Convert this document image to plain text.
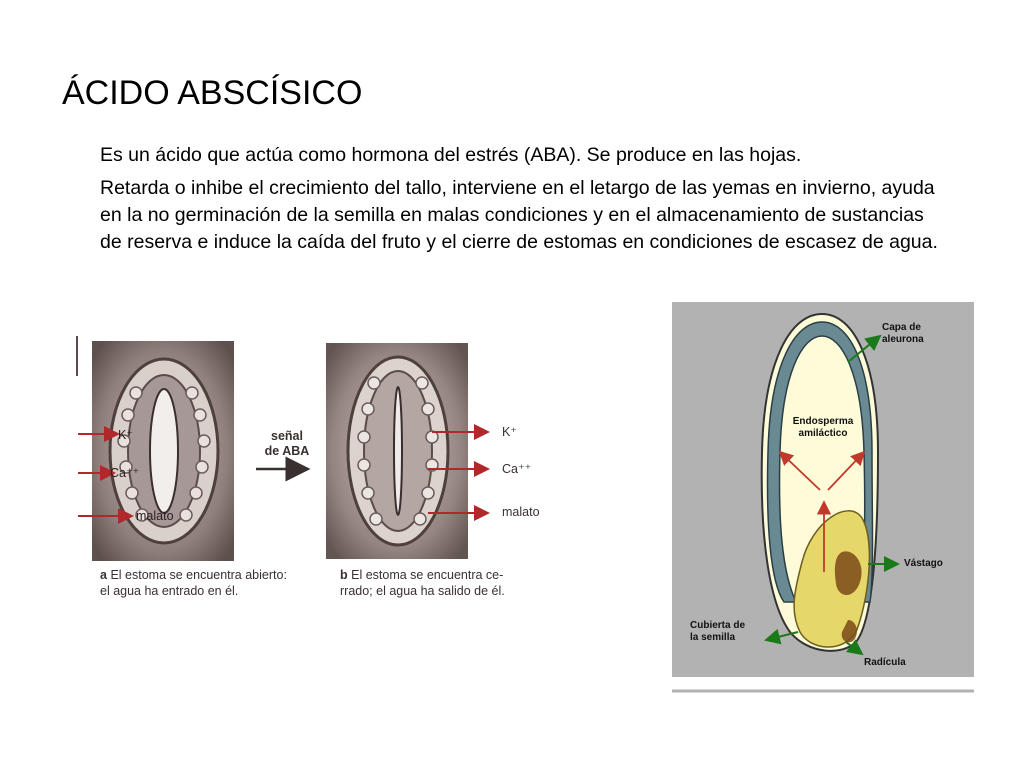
ÁCIDO ABSCÍSICO

Es un ácido que actúa como hormona del estrés (ABA). Se produce en las hojas.

Retarda o inhibe el crecimiento del tallo, interviene en el letargo de las yemas en invierno, ayuda en la no germinación de la semilla en malas condiciones y en el almacenamiento de sustancias de reserva e induce la caída del fruto y el cierre de estomas en condiciones de escasez de agua.

señal
de ABA
K⁺
Ca⁺⁺
malato
K⁺
Ca⁺⁺
malato
a El estoma se encuentra abierto:
el agua ha entrado en él.
b El estoma se encuentra ce-
rrado; el agua ha salido de él.
Capa de
aleurona
Endosperma
amiláctico
Vástago
Cubierta de
la semilla
Radícula
